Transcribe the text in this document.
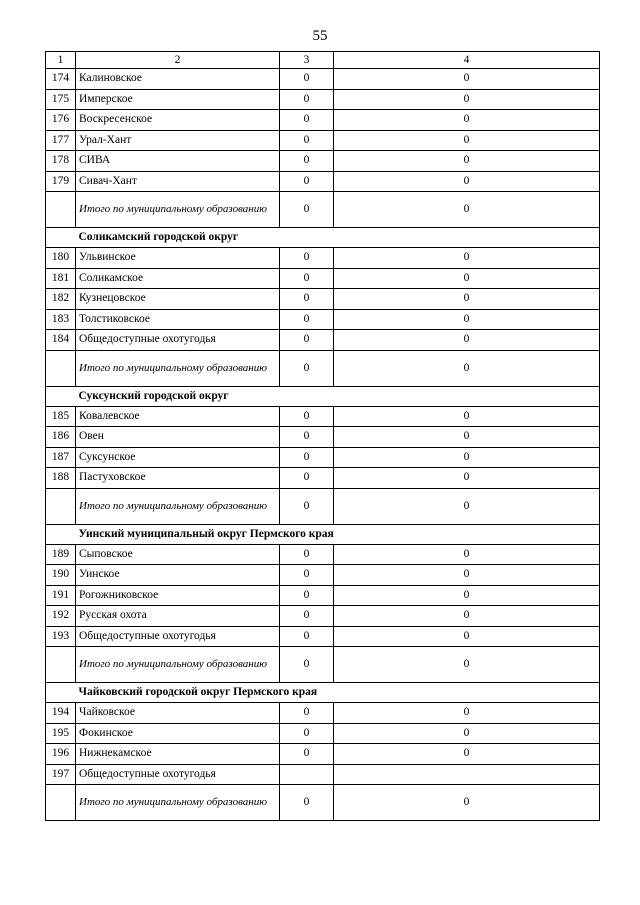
55
1	2	3	4
174	Калиновское	0	0
175	Имперское	0	0
176	Воскресенское	0	0
177	Урал-Хант	0	0
178	СИВА	0	0
179	Сивач-Хант	0	0
	Итого по муниципальному образованию	0	0
	Соликамский городской округ		
180	Ульвинское	0	0
181	Соликамское	0	0
182	Кузнецовское	0	0
183	Толстиковское	0	0
184	Общедоступные охотугодья	0	0
	Итого по муниципальному образованию	0	0
	Суксунский городской округ		
185	Ковалевское	0	0
186	Овен	0	0
187	Суксунское	0	0
188	Пастуховское	0	0
	Итого по муниципальному образованию	0	0
	Уинский муниципальный округ Пермского края		
189	Сыповское	0	0
190	Уинское	0	0
191	Рогожниковское	0	0
192	Русская охота	0	0
193	Общедоступные охотугодья	0	0
	Итого по муниципальному образованию	0	0
	Чайковский городской округ Пермского края		
194	Чайковское	0	0
195	Фокинское	0	0
196	Нижнекамское	0	0
197	Общедоступные охотугодья		
	Итого по муниципальному образованию	0	0
